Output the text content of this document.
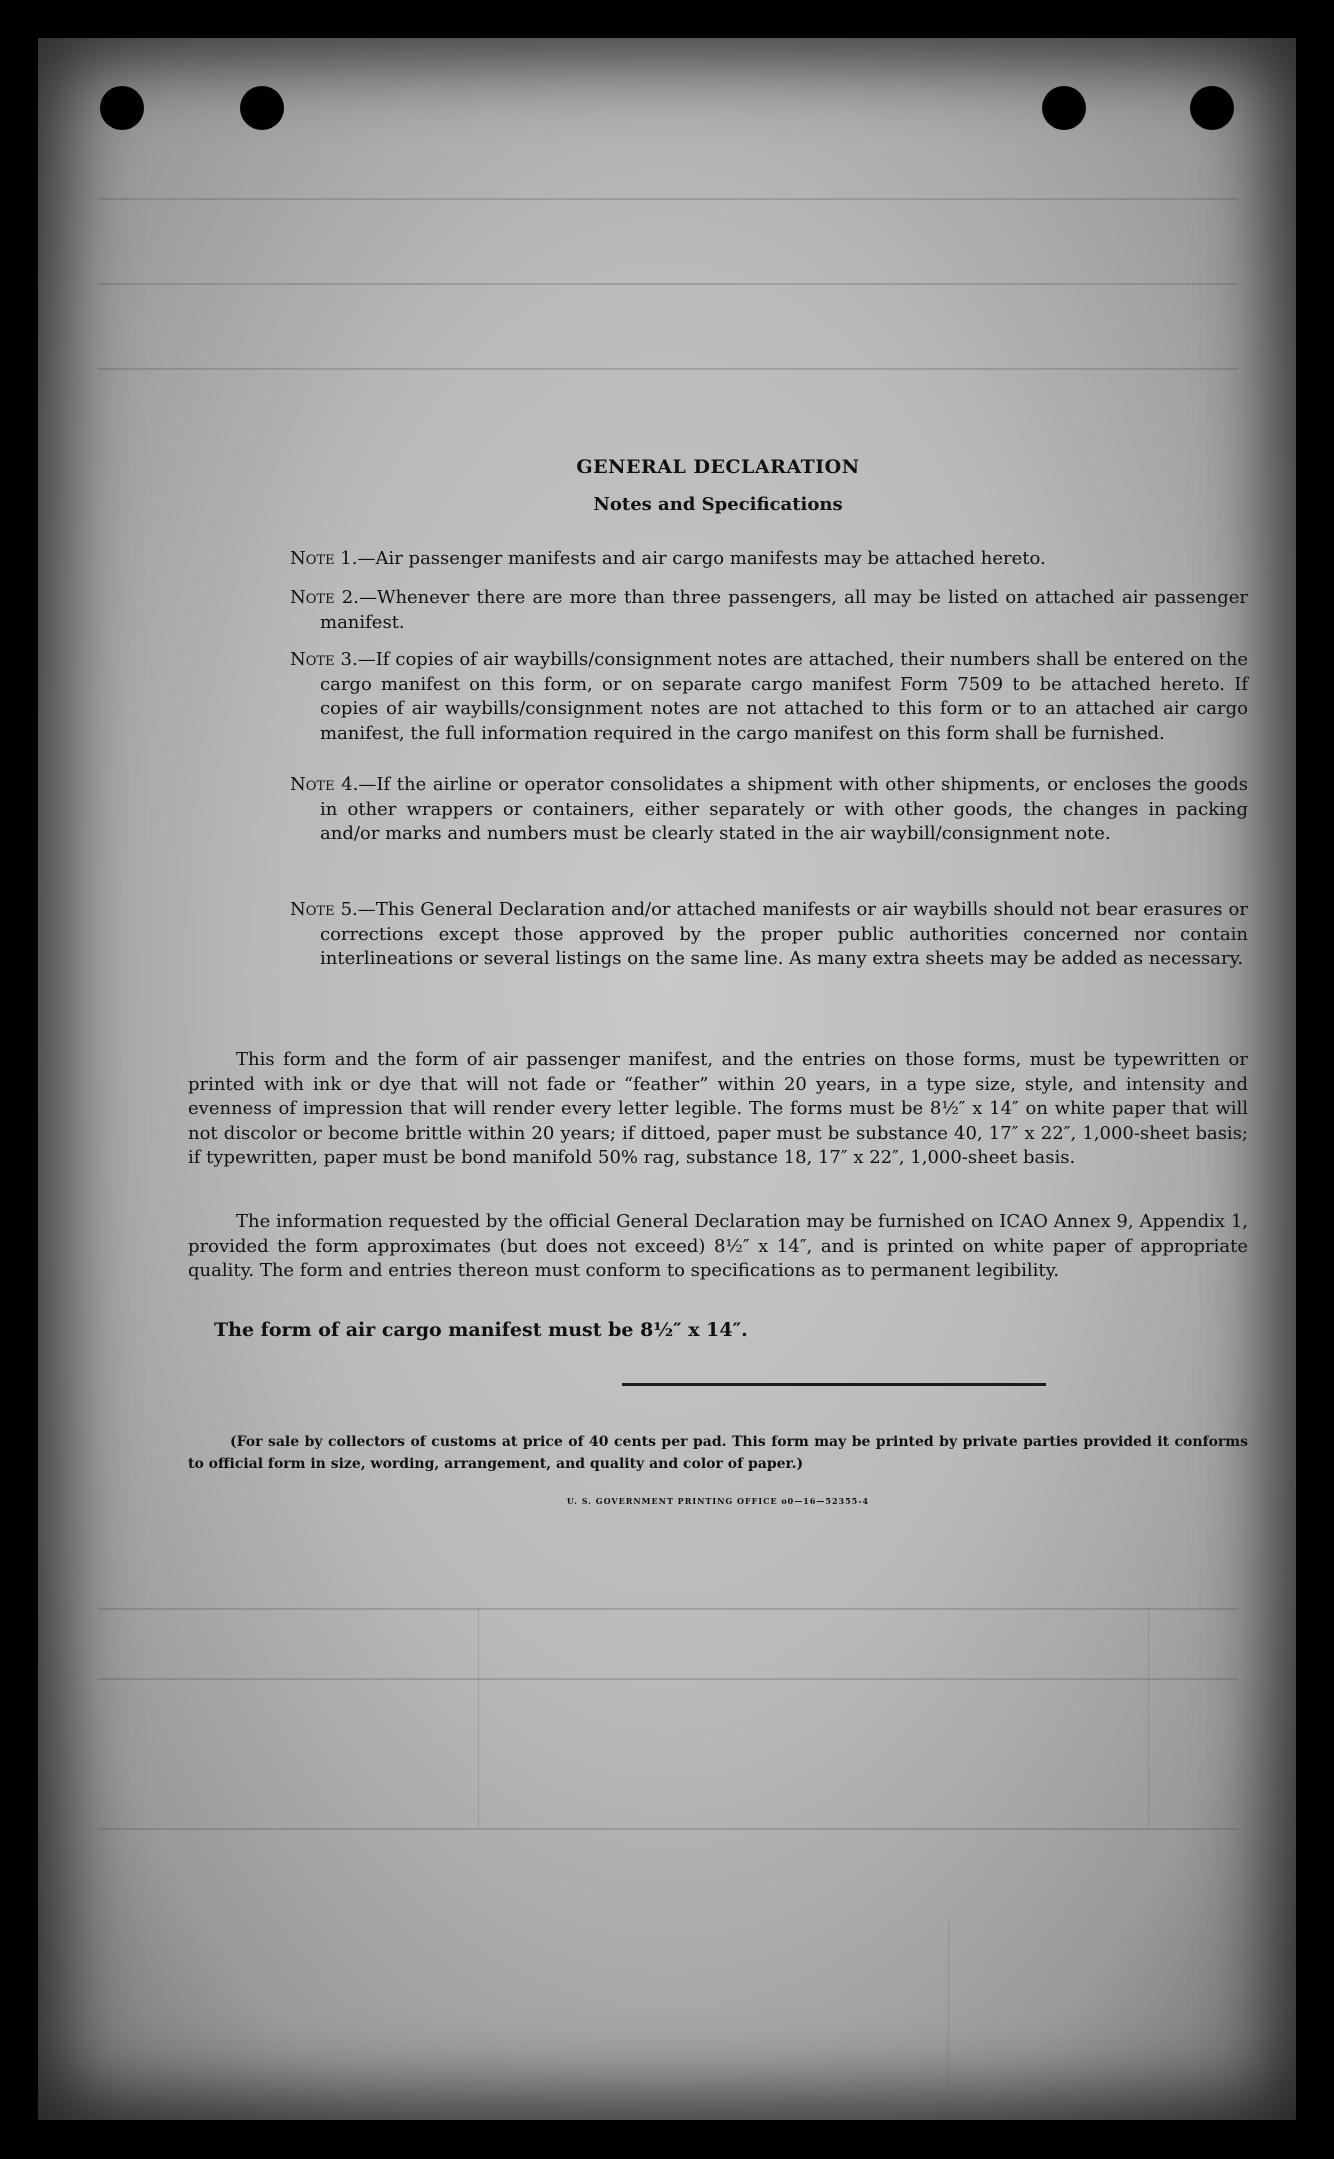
GENERAL DECLARATION
Notes and Specifications
Note 1.—Air passenger manifests and air cargo manifests may be attached hereto.
Note 2.—Whenever there are more than three passengers, all may be listed on attached air passenger manifest.
Note 3.—If copies of air waybills/consignment notes are attached, their numbers shall be entered on the cargo manifest on this form, or on separate cargo manifest Form 7509 to be attached hereto. If copies of air waybills/consignment notes are not attached to this form or to an attached air cargo manifest, the full information required in the cargo manifest on this form shall be furnished.
Note 4.—If the airline or operator consolidates a shipment with other shipments, or encloses the goods in other wrappers or containers, either separately or with other goods, the changes in packing and/or marks and numbers must be clearly stated in the air waybill/consignment note.
Note 5.—This General Declaration and/or attached manifests or air waybills should not bear erasures or corrections except those approved by the proper public authorities concerned nor contain interlineations or several listings on the same line. As many extra sheets may be added as necessary.
This form and the form of air passenger manifest, and the entries on those forms, must be typewritten or printed with ink or dye that will not fade or “feather” within 20 years, in a type size, style, and intensity and evenness of impression that will render every letter legible. The forms must be 8½″ x 14″ on white paper that will not discolor or become brittle within 20 years; if dittoed, paper must be substance 40, 17″ x 22″, 1,000-sheet basis; if typewritten, paper must be bond manifold 50% rag, substance 18, 17″ x 22″, 1,000-sheet basis.
The information requested by the official General Declaration may be furnished on ICAO Annex 9, Appendix 1, provided the form approximates (but does not exceed) 8½″ x 14″, and is printed on white paper of appropriate quality. The form and entries thereon must conform to specifications as to permanent legibility.
The form of air cargo manifest must be 8½″ x 14″.
(For sale by collectors of customs at price of 40 cents per pad. This form may be printed by private parties provided it conforms to official form in size, wording, arrangement, and quality and color of paper.)
U. S. GOVERNMENT PRINTING OFFICE o0—16—52355-4
